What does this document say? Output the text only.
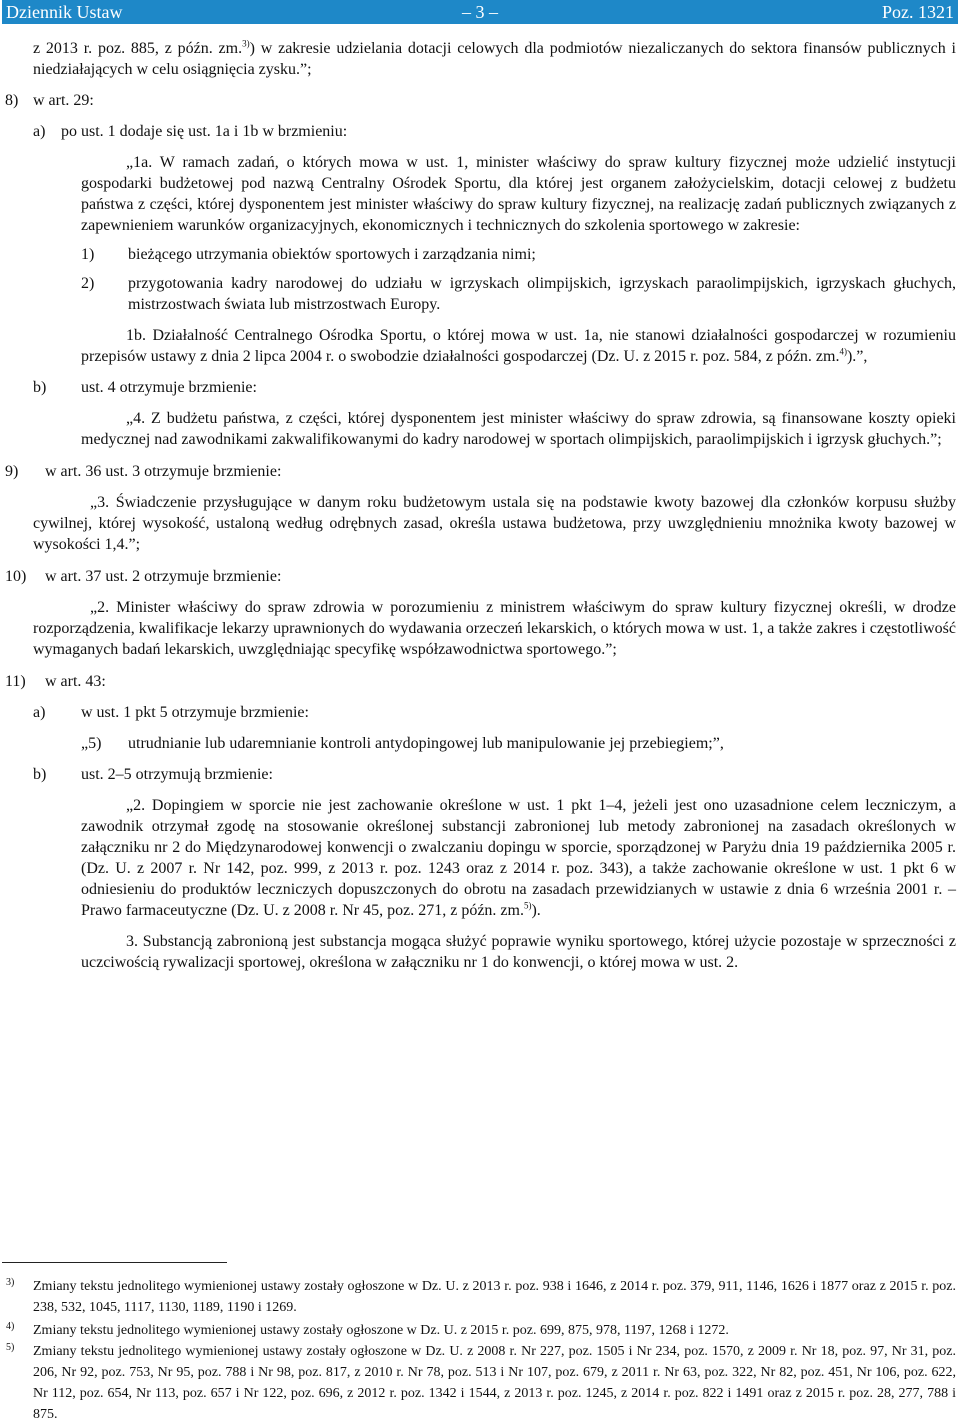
Dziennik Ustaw	– 3 –	Poz. 1321

z 2013 r. poz. 885, z późn. zm.$^{3)}$) w zakresie udzielania dotacji celowych dla podmiotów niezaliczanych do sektora finansów publicznych i niedziałających w celu osiągnięcia zysku.”;

8) w art. 29:

a) po ust. 1 dodaje się ust. 1a i 1b w brzmieniu:

„1a. W ramach zadań, o których mowa w ust. 1, minister właściwy do spraw kultury fizycznej może udzielić instytucji gospodarki budżetowej pod nazwą Centralny Ośrodek Sportu, dla której jest organem założycielskim, dotacji celowej z budżetu państwa z części, której dysponentem jest minister właściwy do spraw kultury fizycznej, na realizację zadań publicznych związanych z zapewnieniem warunków organizacyjnych, ekonomicznych i technicznych do szkolenia sportowego w zakresie:

1) bieżącego utrzymania obiektów sportowych i zarządzania nimi;

2) przygotowania kadry narodowej do udziału w igrzyskach olimpijskich, igrzyskach paraolimpijskich, igrzyskach głuchych, mistrzostwach świata lub mistrzostwach Europy.

1b. Działalność Centralnego Ośrodka Sportu, o której mowa w ust. 1a, nie stanowi działalności gospodarczej w rozumieniu przepisów ustawy z dnia 2 lipca 2004 r. o swobodzie działalności gospodarczej (Dz. U. z 2015 r. poz. 584, z późn. zm.$^{4)}$).”,

b) ust. 4 otrzymuje brzmienie:

„4. Z budżetu państwa, z części, której dysponentem jest minister właściwy do spraw zdrowia, są finansowane koszty opieki medycznej nad zawodnikami zakwalifikowanymi do kadry narodowej w sportach olimpijskich, paraolimpijskich i igrzysk głuchych.”;

9) w art. 36 ust. 3 otrzymuje brzmienie:

„3. Świadczenie przysługujące w danym roku budżetowym ustala się na podstawie kwoty bazowej dla członków korpusu służby cywilnej, której wysokość, ustaloną według odrębnych zasad, określa ustawa budżetowa, przy uwzględnieniu mnożnika kwoty bazowej w wysokości 1,4.”;

10) w art. 37 ust. 2 otrzymuje brzmienie:

„2. Minister właściwy do spraw zdrowia w porozumieniu z ministrem właściwym do spraw kultury fizycznej określi, w drodze rozporządzenia, kwalifikacje lekarzy uprawnionych do wydawania orzeczeń lekarskich, o których mowa w ust. 1, a także zakres i częstotliwość wymaganych badań lekarskich, uwzględniając specyfikę współzawodnictwa sportowego.”;

11) w art. 43:

a) w ust. 1 pkt 5 otrzymuje brzmienie:

„5) utrudnianie lub udaremnianie kontroli antydopingowej lub manipulowanie jej przebiegiem;”,

b) ust. 2–5 otrzymują brzmienie:

„2. Dopingiem w sporcie nie jest zachowanie określone w ust. 1 pkt 1–4, jeżeli jest ono uzasadnione celem leczniczym, a zawodnik otrzymał zgodę na stosowanie określonej substancji zabronionej lub metody zabronionej na zasadach określonych w załączniku nr 2 do Międzynarodowej konwencji o zwalczaniu dopingu w sporcie, sporządzonej w Paryżu dnia 19 października 2005 r. (Dz. U. z 2007 r. Nr 142, poz. 999, z 2013 r. poz. 1243 oraz z 2014 r. poz. 343), a także zachowanie określone w ust. 1 pkt 6 w odniesieniu do produktów leczniczych dopuszczonych do obrotu na zasadach przewidzianych w ustawie z dnia 6 września 2001 r. – Prawo farmaceutyczne (Dz. U. z 2008 r. Nr 45, poz. 271, z późn. zm.$^{5)}$).

3. Substancją zabronioną jest substancja mogąca służyć poprawie wyniku sportowego, której użycie pozostaje w sprzeczności z uczciwością rywalizacji sportowej, określona w załączniku nr 1 do konwencji, o której mowa w ust. 2.

3) Zmiany tekstu jednolitego wymienionej ustawy zostały ogłoszone w Dz. U. z 2013 r. poz. 938 i 1646, z 2014 r. poz. 379, 911, 1146, 1626 i 1877 oraz z 2015 r. poz. 238, 532, 1045, 1117, 1130, 1189, 1190 i 1269.
4) Zmiany tekstu jednolitego wymienionej ustawy zostały ogłoszone w Dz. U. z 2015 r. poz. 699, 875, 978, 1197, 1268 i 1272.
5) Zmiany tekstu jednolitego wymienionej ustawy zostały ogłoszone w Dz. U. z 2008 r. Nr 227, poz. 1505 i Nr 234, poz. 1570, z 2009 r. Nr 18, poz. 97, Nr 31, poz. 206, Nr 92, poz. 753, Nr 95, poz. 788 i Nr 98, poz. 817, z 2010 r. Nr 78, poz. 513 i Nr 107, poz. 679, z 2011 r. Nr 63, poz. 322, Nr 82, poz. 451, Nr 106, poz. 622, Nr 112, poz. 654, Nr 113, poz. 657 i Nr 122, poz. 696, z 2012 r. poz. 1342 i 1544, z 2013 r. poz. 1245, z 2014 r. poz. 822 i 1491 oraz z 2015 r. poz. 28, 277, 788 i 875.
